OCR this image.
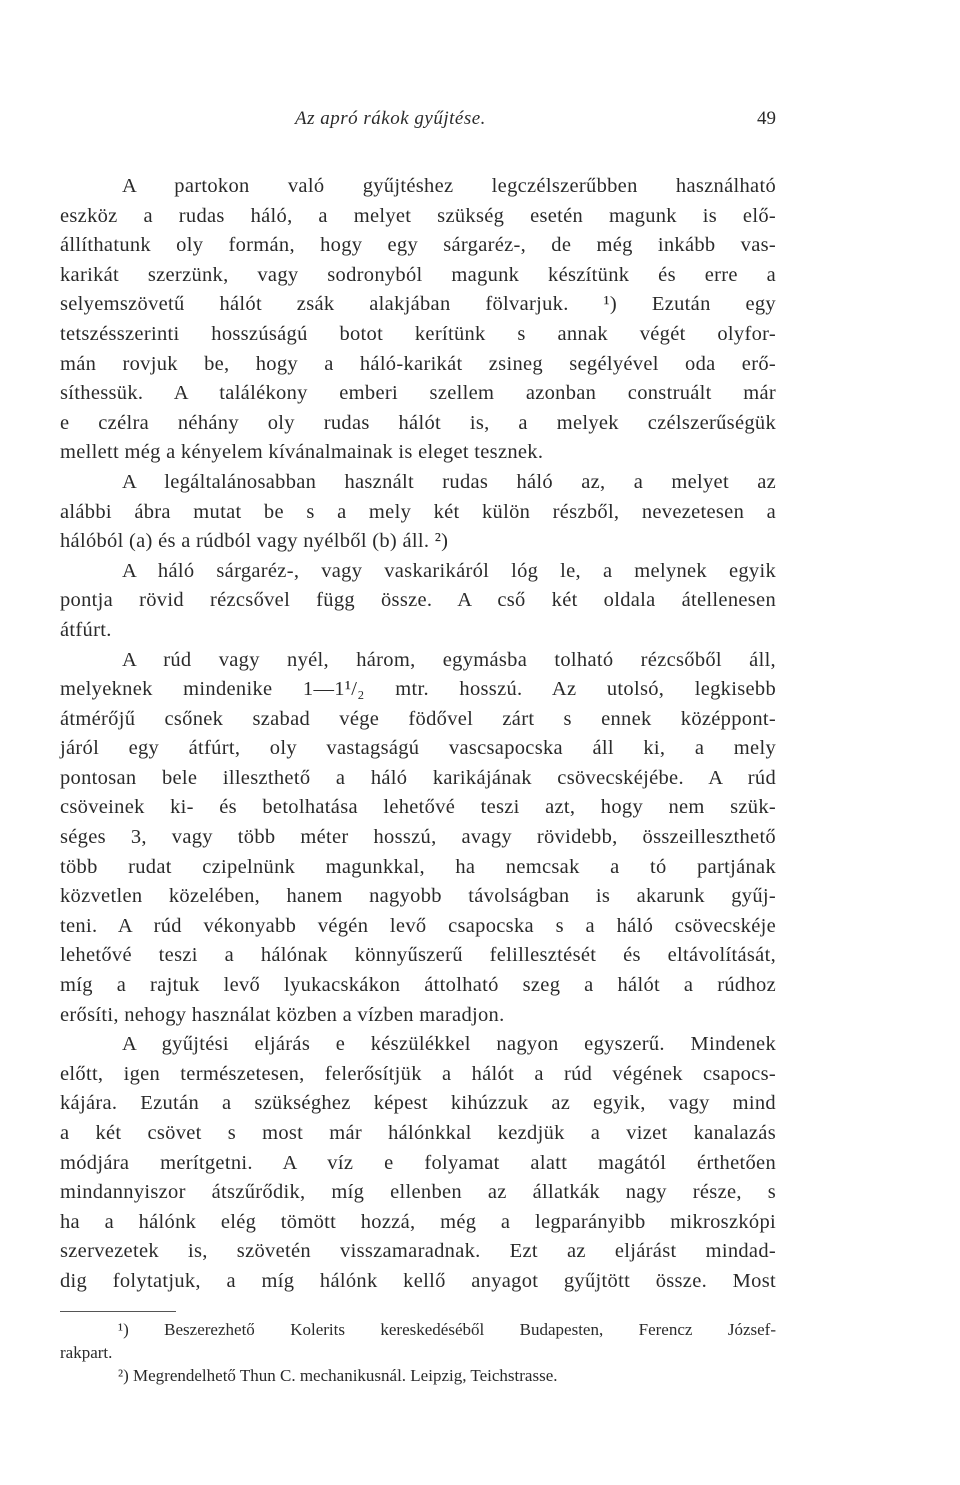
Az apró rákok gyűjtése.	49
A partokon való gyűjtéshez legczélszerűbben használható
eszköz a rudas háló, a melyet szükség esetén magunk is elő-
állíthatunk oly formán, hogy egy sárgaréz-, de még inkább vas-
karikát szerzünk, vagy sodronyból magunk készítünk és erre a
selyemszövetű hálót zsák alakjában fölvarjuk. ¹) Ezután egy
tetszésszerinti hosszúságú botot kerítünk s annak végét olyfor-
mán rovjuk be, hogy a háló-karikát zsineg segélyével oda erő-
síthessük. A találékony emberi szellem azonban construált már
e czélra néhány oly rudas hálót is, a melyek czélszerűségük
mellett még a kényelem kívánalmainak is eleget tesznek.
A legáltalánosabban használt rudas háló az, a melyet az
alábbi ábra mutat be s a mely két külön részből, nevezetesen a
hálóból (a) és a rúdból vagy nyélből (b) áll. ²)
A háló sárgaréz-, vagy vaskarikáról lóg le, a melynek egyik
pontja rövid rézcsővel függ össze. A cső két oldala átellenesen
átfúrt.
A rúd vagy nyél, három, egymásba tolható rézcsőből áll,
melyeknek mindenike 1—1¹/₂ mtr. hosszú. Az utolsó, legkisebb
átmérőjű csőnek szabad vége födővel zárt s ennek középpont-
járól egy átfúrt, oly vastagságú vascsapocska áll ki, a mely
pontosan bele illeszthető a háló karikájának csövecskéjébe. A rúd
csöveinek ki- és betolhatása lehetővé teszi azt, hogy nem szük-
séges 3, vagy több méter hosszú, avagy rövidebb, összeilleszthető
több rudat czipelnünk magunkkal, ha nemcsak a tó partjának
közvetlen közelében, hanem nagyobb távolságban is akarunk gyűj-
teni. A rúd vékonyabb végén levő csapocska s a háló csövecskéje
lehetővé teszi a hálónak könnyűszerű felillesztését és eltávolítását,
míg a rajtuk levő lyukacskákon áttolható szeg a hálót a rúdhoz
erősíti, nehogy használat közben a vízben maradjon.
A gyűjtési eljárás e készülékkel nagyon egyszerű. Mindenek
előtt, igen természetesen, felerősítjük a hálót a rúd végének csapocs-
kájára. Ezután a szükséghez képest kihúzzuk az egyik, vagy mind
a két csövet s most már hálónkkal kezdjük a vizet kanalazás
módjára merítgetni. A víz e folyamat alatt magától érthetően
mindannyiszor átszűrődik, míg ellenben az állatkák nagy része, s
ha a hálónk elég tömött hozzá, még a legparányibb mikroszkópi
szervezetek is, szövetén visszamaradnak. Ezt az eljárást mindad-
dig folytatjuk, a míg hálónk kellő anyagot gyűjtött össze. Most
¹) Beszerezhető Kolerits kereskedéséből Budapesten, Ferencz József-
rakpart.
²) Megrendelhető Thun C. mechanikusnál. Leipzig, Teichstrasse.
